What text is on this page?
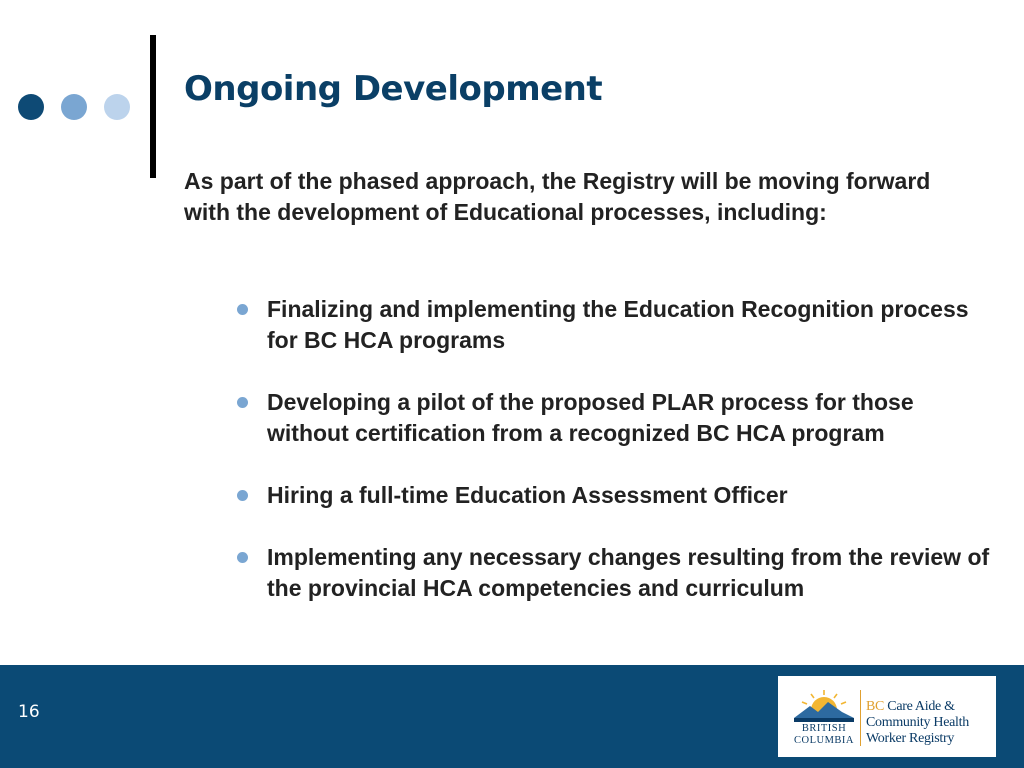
Ongoing Development

As part of the phased approach, the Registry will be moving forward with the development of Educational processes, including:

Finalizing and implementing the Education Recognition process for BC HCA programs
Developing a pilot of the proposed PLAR process for those without certification from a recognized BC HCA program
Hiring a full-time Education Assessment Officer
Implementing any necessary changes resulting from the review of the provincial HCA competencies and curriculum
16
BRITISH
COLUMBIA
BC Care Aide &
Community Health
Worker Registry
